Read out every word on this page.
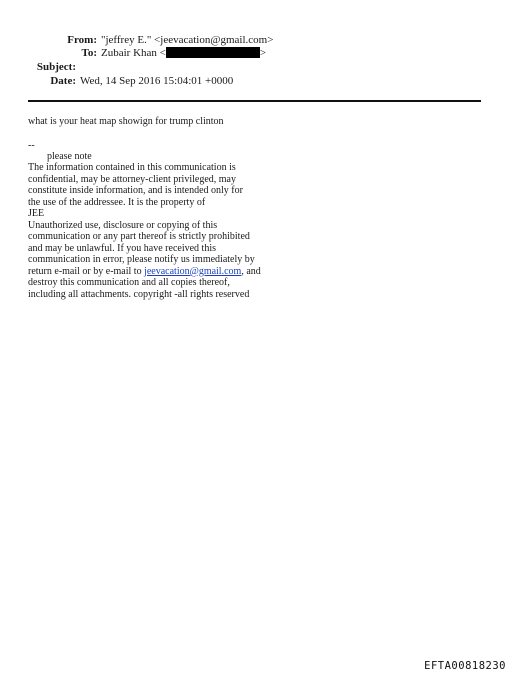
From: "jeffrey E." <jeevacation@gmail.com>
To: Zubair Khan <	>
Subject:
Date: Wed, 14 Sep 2016 15:04:01 +0000
what is your heat map showign for trump clinton
--
please note
The information contained in this communication is
confidential, may be attorney-client privileged, may
constitute inside information, and is intended only for
the use of the addressee. It is the property of
JEE
Unauthorized use, disclosure or copying of this
communication or any part thereof is strictly prohibited
and may be unlawful. If you have received this
communication in error, please notify us immediately by
return e-mail or by e-mail to jeevacation@gmail.com, and
destroy this communication and all copies thereof,
including all attachments. copyright -all rights reserved
EFTA00818230
